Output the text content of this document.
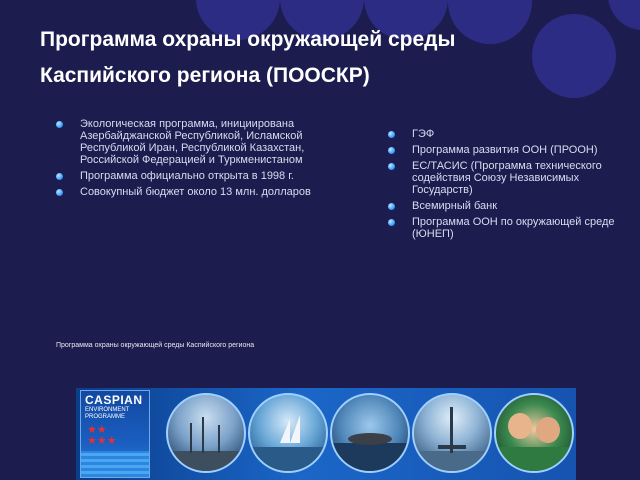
Программа охраны окружающей среды
Каспийского региона (ПООСКР)
Экологическая программа, инициирована Азербайджанской Республикой, Исламской Республикой Иран, Республикой Казахстан, Российской Федерацией и Туркменистаном
Программа официально открыта в 1998 г.
Совокупный бюджет около 13 млн. долларов
ГЭФ
Программа развития ООН (ПРООН)
ЕС/ТАСИС (Программа технического содействия Союзу Независимых Государств)
Всемирный банк
Программа ООН по окружающей среде (ЮНЕП)
Программа охраны окружающей среды Каспийского региона
CASPIAN
ENVIRONMENT PROGRAMME
★★
★★★
